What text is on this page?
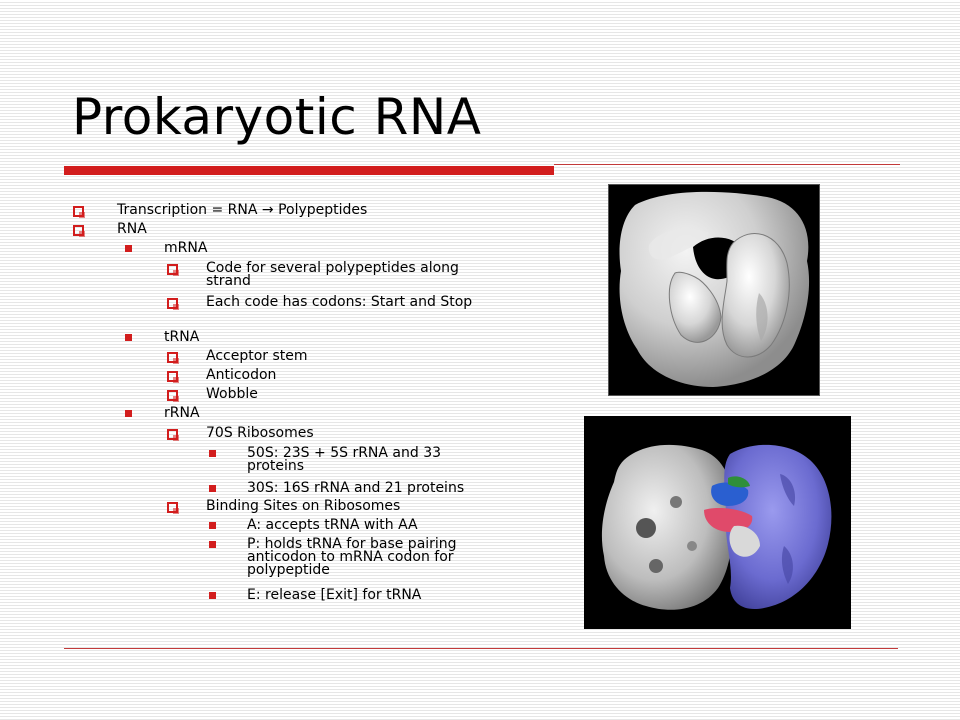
Prokaryotic RNA
Transcription = RNA → Polypeptides
RNA
mRNA
Code for several polypeptides along strand
Each code has codons: Start and Stop
tRNA
Acceptor stem
Anticodon
Wobble
rRNA
70S Ribosomes
50S: 23S + 5S rRNA and 33 proteins
30S: 16S rRNA and 21 proteins
Binding Sites on Ribosomes
A: accepts tRNA with AA
P: holds tRNA for base pairing anticodon to mRNA codon for polypeptide
E: release [Exit] for tRNA
